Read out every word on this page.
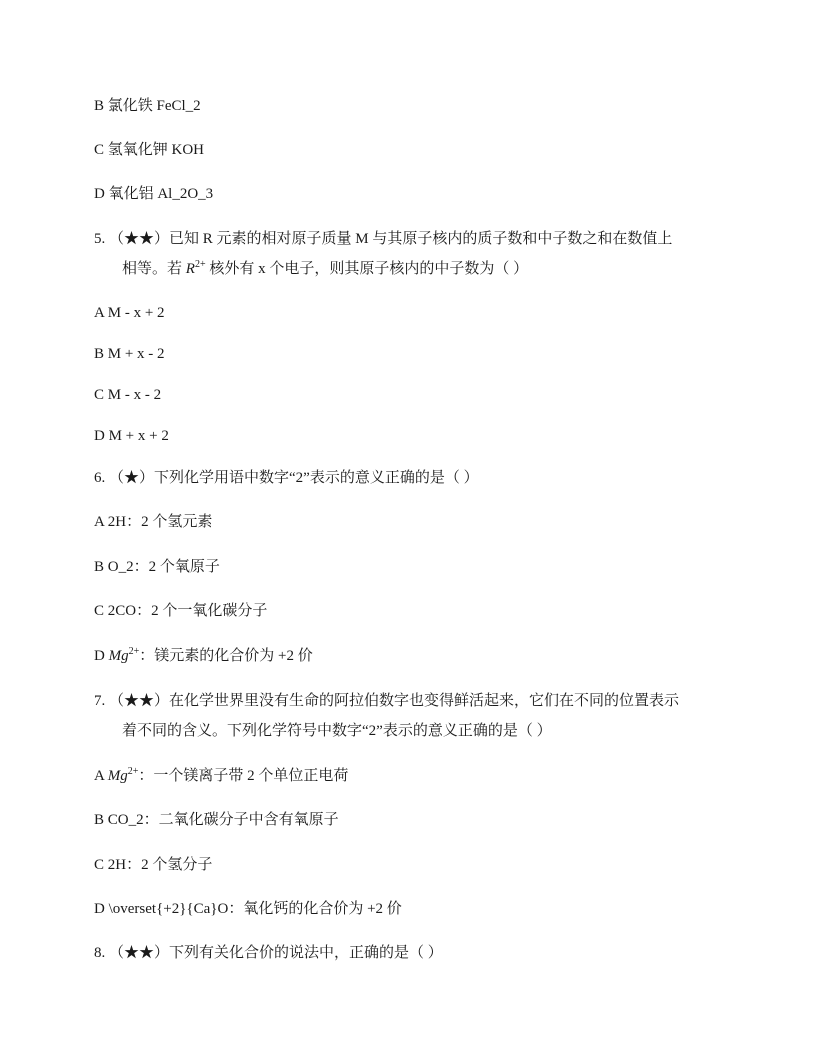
B 氯化铁 FeCl_2
C 氢氧化钾 KOH
D 氧化铝 Al_2O_3
5. （★★）已知 R 元素的相对原子质量 M 与其原子核内的质子数和中子数之和在数值上
相等。若 $R^{2+}$ 核外有 x 个电子，则其原子核内的中子数为（ ）
A M - x + 2
B M + x - 2
C M - x - 2
D M + x + 2
6. （★）下列化学用语中数字“2”表示的意义正确的是（ ）
A 2H：2 个氢元素
B O_2：2 个氧原子
C 2CO：2 个一氧化碳分子
D $Mg^{2+}$：镁元素的化合价为 +2 价
7. （★★）在化学世界里没有生命的阿拉伯数字也变得鲜活起来，它们在不同的位置表示
着不同的含义。下列化学符号中数字“2”表示的意义正确的是（ ）
A $Mg^{2+}$：一个镁离子带 2 个单位正电荷
B CO_2：二氧化碳分子中含有氧原子
C 2H：2 个氢分子
D \overset{+2}{Ca}O：氧化钙的化合价为 +2 价
8. （★★）下列有关化合价的说法中，正确的是（ ）
